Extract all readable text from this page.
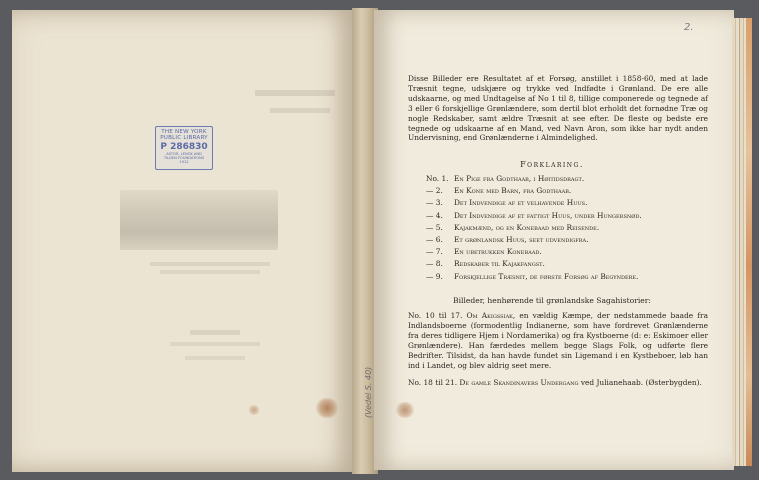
THE NEW YORK
PUBLIC LIBRARY
P 286830
ASTOR, LENOX AND
TILDEN FOUNDATIONS
1912
(Vedel S. 40)
2.
Disse Billeder ere Resultatet af et Forsøg, anstillet i 1858-60, med at lade Træsnit tegne, udskjære og trykke ved Indfødte i Grønland. De ere alle udskaarne, og med Undtagelse af No 1 til 8, tillige componerede og tegnede af 3 eller 6 forskjellige Grønlændere, som dertil blot erholdt det fornødne Træ og nogle Redskaber, samt ældre Træsnit at see efter. De fleste og bedste ere tegnede og udskaarne af en Mand, ved Navn Aron, som ikke har nydt anden Undervisning, end Grønlænderne i Almindelighed.
Forklaring.
No. 1. En Pige fra Godthaab, i Høitidsdragt.
— 2.	En Kone med Barn, fra Godthaab.
— 3.	Det Indvendige af et velhavende Huus.
— 4.	Det Indvendige af et fattigt Huus, under Hungersnød.
— 5.	Kajakmænd, og en Konebaad med Reisende.
— 6.	Et grønlandsk Huus, seet udvendigfra.
— 7.	En ubetrukken Konebaad.
— 8.	Redskaber til Kajakfangst.
— 9.	Forskjellige Træsnit, de første Forsøg af Begyndere.
Billeder, henhørende til grønlandske Sagahistorier:
No. 10 til 17. Om Akigssiak, en vældig Kæmpe, der nedstammede baade fra Indlandsboerne (formodentlig Indianerne, som have fordrevet Grønlænderne fra deres tidligere Hjem i Nordamerika) og fra Kystboerne (d: e: Eskimoer eller Grønlændere). Han færdedes mellem begge Slags Folk, og udførte flere Bedrifter. Tilsidst, da han havde fundet sin Ligemand i en Kystbeboer, løb han ind i Landet, og blev aldrig seet mere.
No. 18 til 21. De gamle Skandinavers Undergang ved Julianehaab. (Østerbygden).
